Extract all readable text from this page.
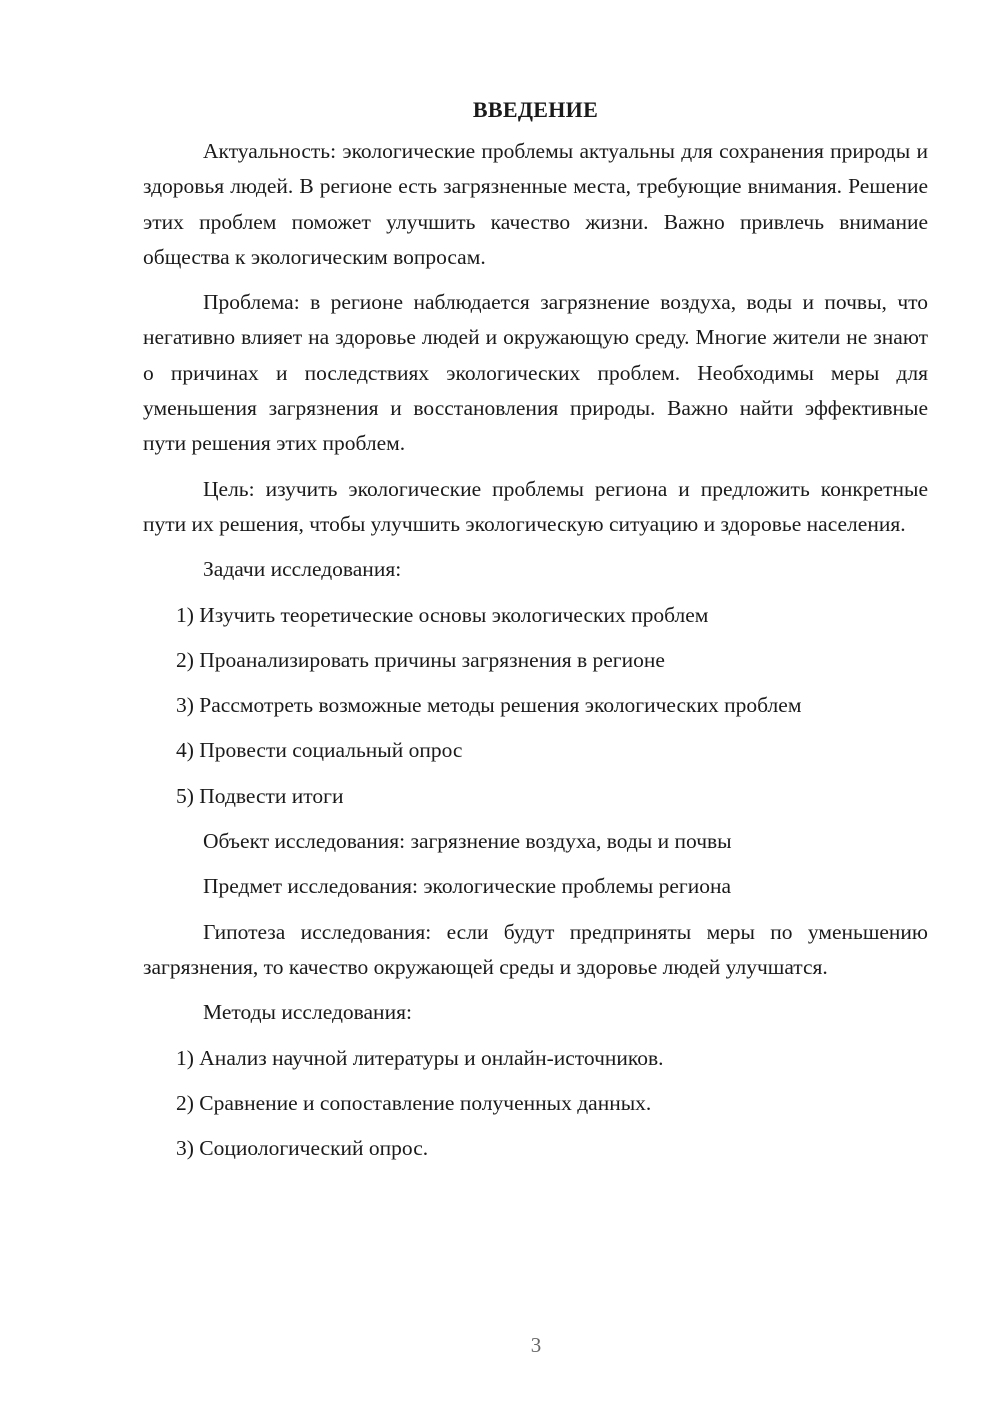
ВВЕДЕНИЕ

Актуальность: экологические проблемы актуальны для сохранения природы и здоровья людей. В регионе есть загрязненные места, требующие внимания. Решение этих проблем поможет улучшить качество жизни. Важно привлечь внимание общества к экологическим вопросам.

Проблема: в регионе наблюдается загрязнение воздуха, воды и почвы, что негативно влияет на здоровье людей и окружающую среду. Многие жители не знают о причинах и последствиях экологических проблем. Необходимы меры для уменьшения загрязнения и восстановления природы. Важно найти эффективные пути решения этих проблем.

Цель: изучить экологические проблемы региона и предложить конкретные пути их решения, чтобы улучшить экологическую ситуацию и здоровье населения.

Задачи исследования:
1) Изучить теоретические основы экологических проблем
2) Проанализировать причины загрязнения в регионе
3) Рассмотреть возможные методы решения экологических проблем
4) Провести социальный опрос
5) Подвести итоги
Объект исследования: загрязнение воздуха, воды и почвы
Предмет исследования: экологические проблемы региона

Гипотеза исследования: если будут предприняты меры по уменьшению загрязнения, то качество окружающей среды и здоровье людей улучшатся.

Методы исследования:
1) Анализ научной литературы и онлайн-источников.
2) Сравнение и сопоставление полученных данных.
3) Социологический опрос.
3
